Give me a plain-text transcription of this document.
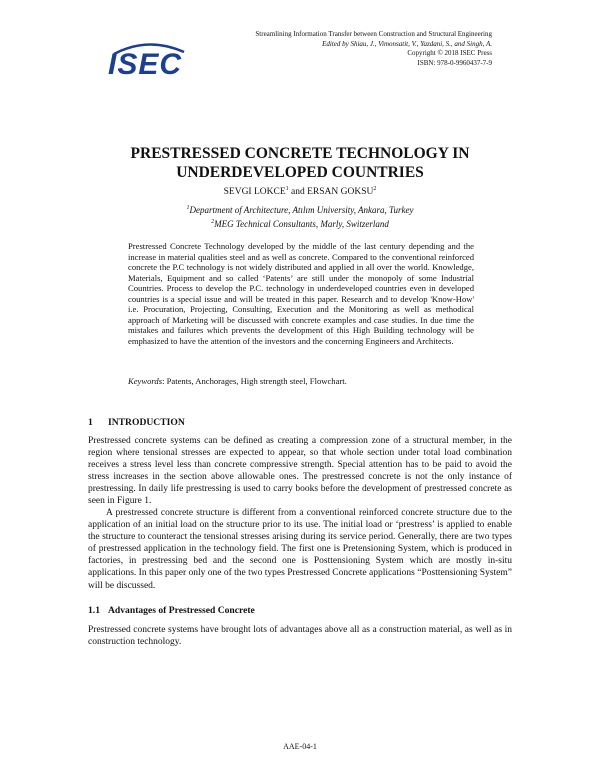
ISEC
Streamlining Information Transfer between Construction and Structural Engineering
Edited by Shiau, J., Vimonsatit, V., Yazdani, S., and Singh, A.
Copyright © 2018 ISEC Press
ISBN: 978-0-9960437-7-9
PRESTRESSED CONCRETE TECHNOLOGY IN
UNDERDEVELOPED COUNTRIES
SEVGI LOKCE$^1$ and ERSAN GOKSU$^2$
$^1$Department of Architecture, Atılım University, Ankara, Turkey
$^2$MEG Technical Consultants, Marly, Switzerland
Prestressed Concrete Technology developed by the middle of the last century depending and the increase in material qualities steel and as well as concrete. Compared to the conventional reinforced concrete the P.C technology is not widely distributed and applied in all over the world. Knowledge, Materials, Equipment and so called ‘Patents’ are still under the monopoly of some Industrial Countries. Process to develop the P.C. technology in underdeveloped countries even in developed countries is a special issue and will be treated in this paper. Research and to develop 'Know-How' i.e. Procuration, Projecting, Consulting, Execution and the Monitoring as well as methodical approach of Marketing will be discussed with concrete examples and case studies. In due time the mistakes and failures which prevents the development of this High Building technology will be emphasized to have the attention of the investors and the concerning Engineers and Architects.
Keywords: Patents, Anchorages, High strength steel, Flowchart.
1 INTRODUCTION
Prestressed concrete systems can be defined as creating a compression zone of a structural member, in the region where tensional stresses are expected to appear, so that whole section under total load combination receives a stress level less than concrete compressive strength. Special attention has to be paid to avoid the stress increases in the section above allowable ones. The prestressed concrete is not the only instance of prestressing. In daily life prestressing is used to carry books before the development of prestressed concrete as seen in Figure 1.
A prestressed concrete structure is different from a conventional reinforced concrete structure due to the application of an initial load on the structure prior to its use. The initial load or ‘prestress’ is applied to enable the structure to counteract the tensional stresses arising during its service period. Generally, there are two types of prestressed application in the technology field. The first one is Pretensioning System, which is produced in factories, in prestressing bed and the second one is Posttensioning System which are mostly in-situ applications. In this paper only one of the two types Prestressed Concrete applications “Posttensioning System” will be discussed.
1.1 Advantages of Prestressed Concrete
Prestressed concrete systems have brought lots of advantages above all as a construction material, as well as in construction technology.
AAE-04-1
